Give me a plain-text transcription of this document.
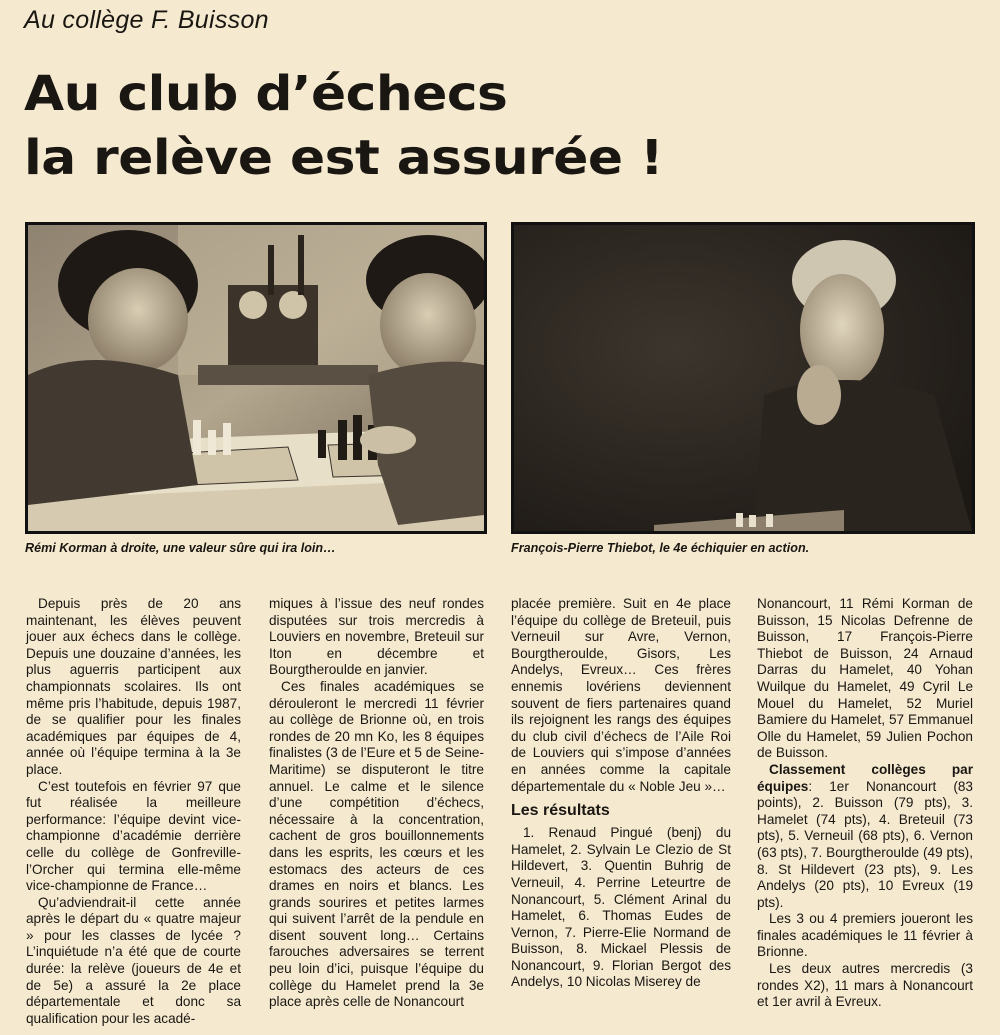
Au collège F. Buisson
Au club d’échecs
la relève est assurée !
Rémi Korman à droite, une valeur sûre qui ira loin…	François-Pierre Thiebot, le 4e échiquier en action.

Depuis près de 20 ans maintenant, les élèves peuvent jouer aux échecs dans le collège. Depuis une douzaine d’années, les plus aguerris participent aux championnats scolaires. Ils ont même pris l’habitude, depuis 1987, de se qualifier pour les finales académiques par équipes de 4, année où l’équipe termina à la 3e place.

C’est toutefois en février 97 que fut réalisée la meilleure performance: l’équipe devint vice-championne d’académie derrière celle du collège de Gonfreville-l’Orcher qui termina elle-même vice-championne de France…

Qu’adviendrait-il cette année après le départ du « quatre majeur » pour les classes de lycée ? L’inquiétude n’a été que de courte durée: la relève (joueurs de 4e et de 5e) a assuré la 2e place départementale et donc sa qualification pour les acadé-

miques à l’issue des neuf rondes disputées sur trois mercredis à Louviers en novembre, Breteuil sur Iton en décembre et Bourgtheroulde en janvier.

Ces finales académiques se dérouleront le mercredi 11 février au collège de Brionne où, en trois rondes de 20 mn Ko, les 8 équipes finalistes (3 de l’Eure et 5 de Seine-Maritime) se disputeront le titre annuel. Le calme et le silence d’une compétition d’échecs, nécessaire à la concentration, cachent de gros bouillonnements dans les esprits, les cœurs et les estomacs des acteurs de ces drames en noirs et blancs. Les grands sourires et petites larmes qui suivent l’arrêt de la pendule en disent souvent long… Certains farouches adversaires se terrent peu loin d’ici, puisque l’équipe du collège du Hamelet prend la 3e place après celle de Nonancourt

placée première. Suit en 4e place l’équipe du collège de Breteuil, puis Verneuil sur Avre, Vernon, Bourgtheroulde, Gisors, Les Andelys, Evreux… Ces frères ennemis lovériens deviennent souvent de fiers partenaires quand ils rejoignent les rangs des équipes du club civil d’échecs de l’Aile Roi de Louviers qui s’impose d’années en années comme la capitale départementale du « Noble Jeu »…

Les résultats

1. Renaud Pingué (benj) du Hamelet, 2. Sylvain Le Clezio de St Hildevert, 3. Quentin Buhrig de Verneuil, 4. Perrine Leteurtre de Nonancourt, 5. Clément Arinal du Hamelet, 6. Thomas Eudes de Vernon, 7. Pierre-Elie Normand de Buisson, 8. Mickael Plessis de Nonancourt, 9. Florian Bergot des Andelys, 10 Nicolas Miserey de

Nonancourt, 11 Rémi Korman de Buisson, 15 Nicolas Defrenne de Buisson, 17 François-Pierre Thiebot de Buisson, 24 Arnaud Darras du Hamelet, 40 Yohan Wuilque du Hamelet, 49 Cyril Le Mouel du Hamelet, 52 Muriel Bamiere du Hamelet, 57 Emmanuel Olle du Hamelet, 59 Julien Pochon de Buisson.

Classement collèges par équipes: 1er Nonancourt (83 points), 2. Buisson (79 pts), 3. Hamelet (74 pts), 4. Breteuil (73 pts), 5. Verneuil (68 pts), 6. Vernon (63 pts), 7. Bourgtheroulde (49 pts), 8. St Hildevert (23 pts), 9. Les Andelys (20 pts), 10 Evreux (19 pts).

Les 3 ou 4 premiers joueront les finales académiques le 11 février à Brionne.

Les deux autres mercredis (3 rondes X2), 11 mars à Nonancourt et 1er avril à Evreux.
